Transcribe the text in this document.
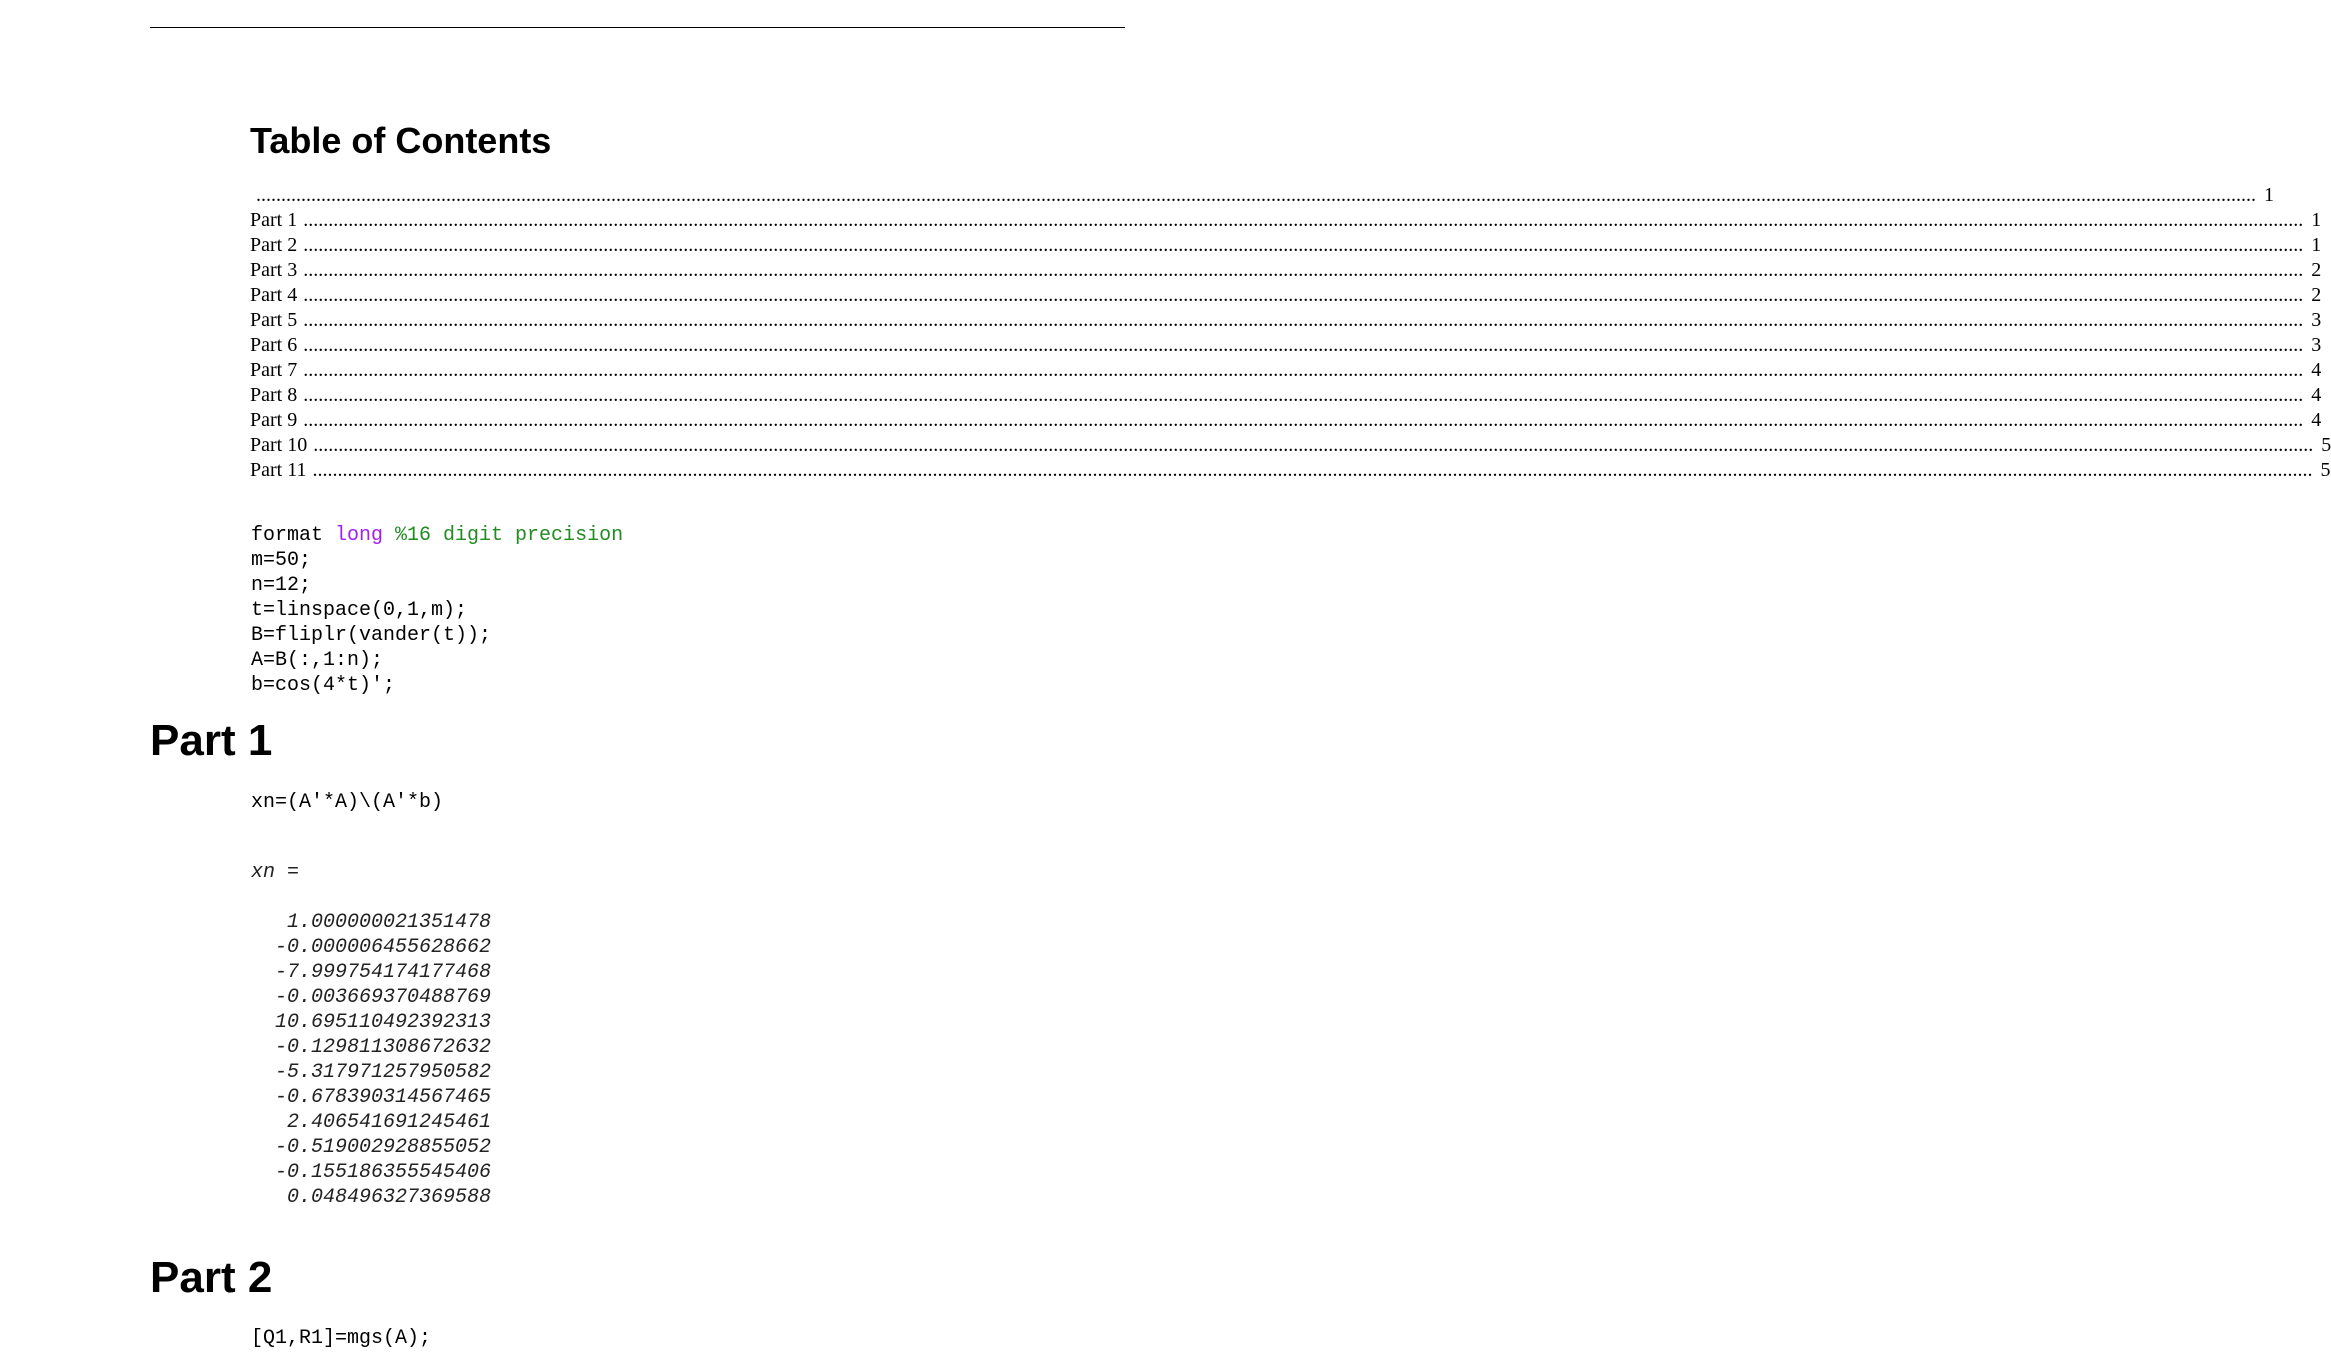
Table of Contents
................................................................................................................................................................................................................................................................................................................................................................................................................ 1
Part 1 ................................................................................................................................................................................................................................................................................................................................................................................................................ 1
Part 2 ................................................................................................................................................................................................................................................................................................................................................................................................................ 1
Part 3 ................................................................................................................................................................................................................................................................................................................................................................................................................ 2
Part 4 ................................................................................................................................................................................................................................................................................................................................................................................................................ 2
Part 5 ................................................................................................................................................................................................................................................................................................................................................................................................................ 3
Part 6 ................................................................................................................................................................................................................................................................................................................................................................................................................ 3
Part 7 ................................................................................................................................................................................................................................................................................................................................................................................................................ 4
Part 8 ................................................................................................................................................................................................................................................................................................................................................................................................................ 4
Part 9 ................................................................................................................................................................................................................................................................................................................................................................................................................ 4
Part 10 ................................................................................................................................................................................................................................................................................................................................................................................................................ 5
Part 11 ................................................................................................................................................................................................................................................................................................................................................................................................................ 5
format long %16 digit precision
m=50;
n=12;
t=linspace(0,1,m);
B=fliplr(vander(t));
A=B(:,1:n);
b=cos(4*t)';
Part 1
xn=(A'*A)\(A'*b)
xn =
1.000000021351478
-0.000006455628662
-7.999754174177468
-0.003669370488769
10.695110492392313
-0.129811308672632
-5.317971257950582
-0.678390314567465
2.406541691245461
-0.519002928855052
-0.155186355545406
0.048496327369588
Part 2
[Q1,R1]=mgs(A);
